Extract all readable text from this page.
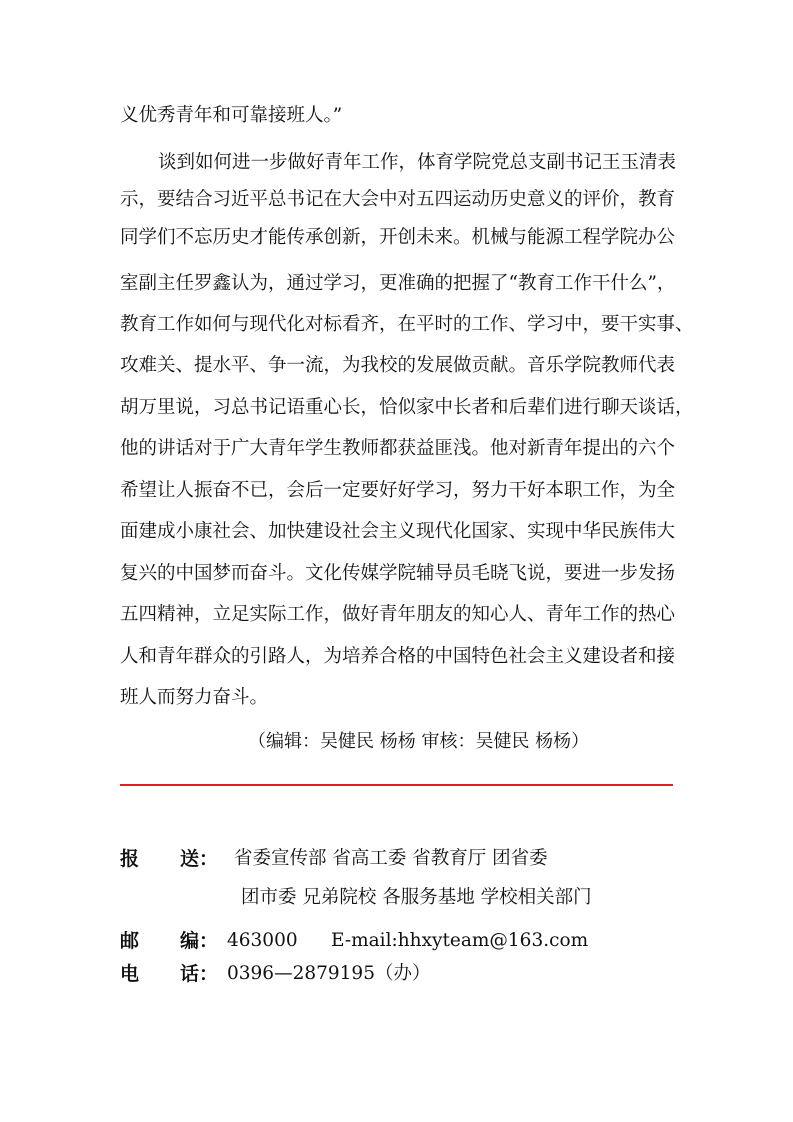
义优秀青年和可靠接班人。”
谈到如何进一步做好青年工作，体育学院党总支副书记王玉清表
示，要结合习近平总书记在大会中对五四运动历史意义的评价，教育
同学们不忘历史才能传承创新，开创未来。机械与能源工程学院办公
室副主任罗鑫认为，通过学习，更准确的把握了“教育工作干什么”，
教育工作如何与现代化对标看齐，在平时的工作、学习中，要干实事、
攻难关、提水平、争一流，为我校的发展做贡献。音乐学院教师代表
胡万里说，习总书记语重心长，恰似家中长者和后辈们进行聊天谈话，
他的讲话对于广大青年学生教师都获益匪浅。他对新青年提出的六个
希望让人振奋不已，会后一定要好好学习，努力干好本职工作，为全
面建成小康社会、加快建设社会主义现代化国家、实现中华民族伟大
复兴的中国梦而奋斗。文化传媒学院辅导员毛晓飞说，要进一步发扬
五四精神，立足实际工作，做好青年朋友的知心人、青年工作的热心
人和青年群众的引路人，为培养合格的中国特色社会主义建设者和接
班人而努力奋斗。
（编辑：吴健民 杨杨 审核：吴健民 杨杨）
报 送： 省委宣传部 省高工委 省教育厅 团省委
团市委 兄弟院校 各服务基地 学校相关部门
邮 编： 463000 E-mail:hhxyteam@163.com
电 话： 0396—2879195（办）
